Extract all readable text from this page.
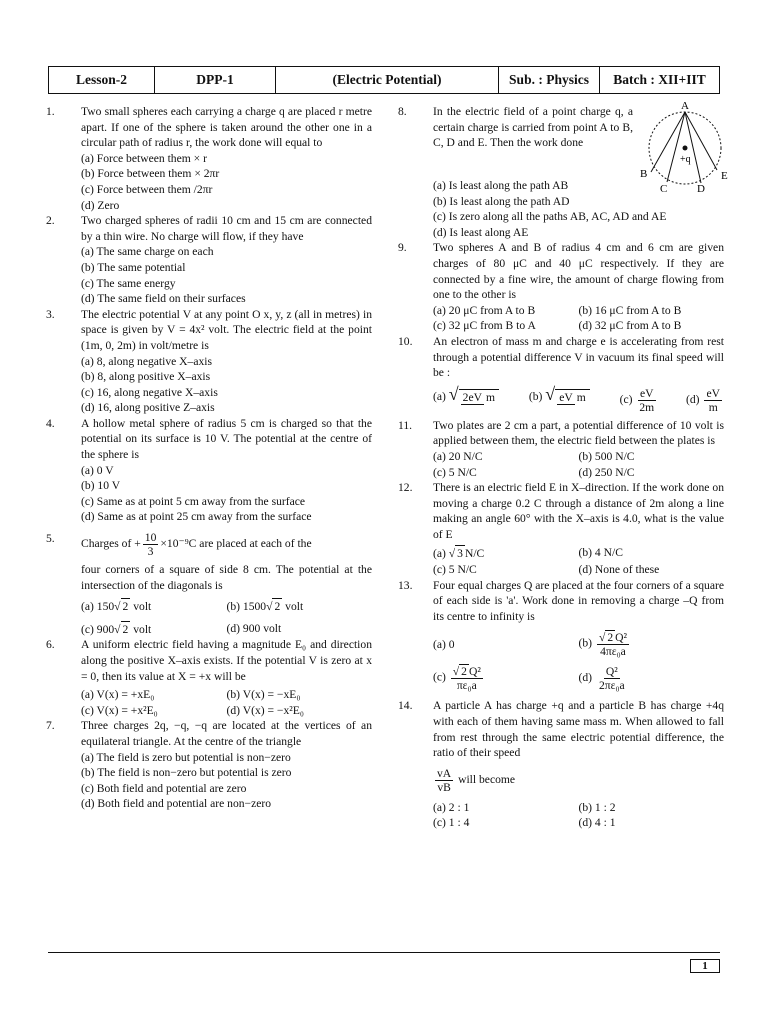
Lesson-2	DPP-1	(Electric Potential)	Sub. : Physics	Batch : XII+IIT
1.	Two small spheres each carrying a charge q are placed r metre apart. If one of the sphere is taken around the other one in a circular path of radius r, the work done will equal to
(a) Force between them × r
(b) Force between them × 2πr
(c) Force between them /2πr
(d) Zero
2.	Two charged spheres of radii 10 cm and 15 cm are connected by a thin wire. No charge will flow, if they have
(a) The same charge on each
(b) The same potential
(c) The same energy
(d) The same field on their surfaces
3.	The electric potential V at any point O x, y, z (all in metres) in space is given by V = 4x² volt. The electric field at the point (1m, 0, 2m) in volt/metre is
(a) 8, along negative X–axis
(b) 8, along positive X–axis
(c) 16, along negative X–axis
(d) 16, along positive Z–axis
4.	A hollow metal sphere of radius 5 cm is charged so that the potential on its surface is 10 V. The potential at the centre of the sphere is
(a) 0 V
(b) 10 V
(c) Same as at point 5 cm away from the surface
(d) Same as at point 25 cm away from the surface
5.	Charges of + $\frac{10}{3} \times 10^{-9}C$ are placed at each of the
four corners of a square of side 8 cm. The potential at the intersection of the diagonals is
(a) 150√ 2 volt	(b) 1500√ 2 volt
(c) 900√ 2 volt	(d) 900 volt
6.	A uniform electric field having a magnitude E₀ and direction along the positive X–axis exists. If the potential V is zero at x = 0, then its value at X = +x will be
(a) V(x) = +xE₀	(b) V(x) = −xE₀
(c) V(x) = +x²E₀	(d) V(x) = −x²E₀
7.	Three charges 2q, −q, −q are located at the vertices of an equilateral triangle. At the centre of the triangle
(a) The field is zero but potential is non−zero
(b) The field is non−zero but potential is zero
(c) Both field and potential are zero
(d) Both field and potential are non−zero
8.	In the electric field of a point charge q, a certain charge is carried from point A to B, C, D and E. Then the work done
A
B
C	D
E
+q
(a) Is least along the path AB
(b) Is least along the path AD
(c) Is zero along all the paths AB, AC, AD and AE
(d) Is least along AE
9.	Two spheres A and B of radius 4 cm and 6 cm are given charges of 80 μC and 40 μC respectively. If they are connected by a fine wire, the amount of charge flowing from one to the other is
(a) 20 μC from A to B	(b) 16 μC from A to B
(c) 32 μC from B to A	(d) 32 μC from A to B
10.	An electron of mass m and charge e is accelerating from rest through a potential difference V in vacuum its final speed will be :
(a) √ 2eV m	(b) √ eV m	$(c) \frac{eV}{2m}$	$(d) \frac{eV}{m}$
11.	Two plates are 2 cm a part, a potential difference of 10 volt is applied between them, the electric field between the plates is
(a) 20 N/C	(b) 500 N/C
(c) 5 N/C	(d) 250 N/C
12.	There is an electric field E in X–direction. If the work done on moving a charge 0.2 C through a distance of 2m along a line making an angle 60° with the X–axis is 4.0, what is the value of E
(a) √ 3 N/C	(b) 4 N/C
(c) 5 N/C	(d) None of these
13.	Four equal charges Q are placed at the four corners of a square of each side is 'a'. Work done in removing a charge –Q from its centre to infinity is
(a) 0	$(b) \frac{\text{√ 2 Q²}}{\text{4πε₀a}}$
$(c) \frac{\text{√ 2 Q²}}{\text{πε₀a}}$	$(d) \frac{\text{Q²}}{\text{2πε₀a}}$
14.	A particle A has charge +q and a particle B has charge +4q with each of them having same mass m. When allowed to fall from rest through the same electric potential difference, the ratio of their speed
$\frac{vA}{vB}$ will become
(a) 2 : 1	(b) 1 : 2
(c) 1 : 4	(d) 4 : 1
1
